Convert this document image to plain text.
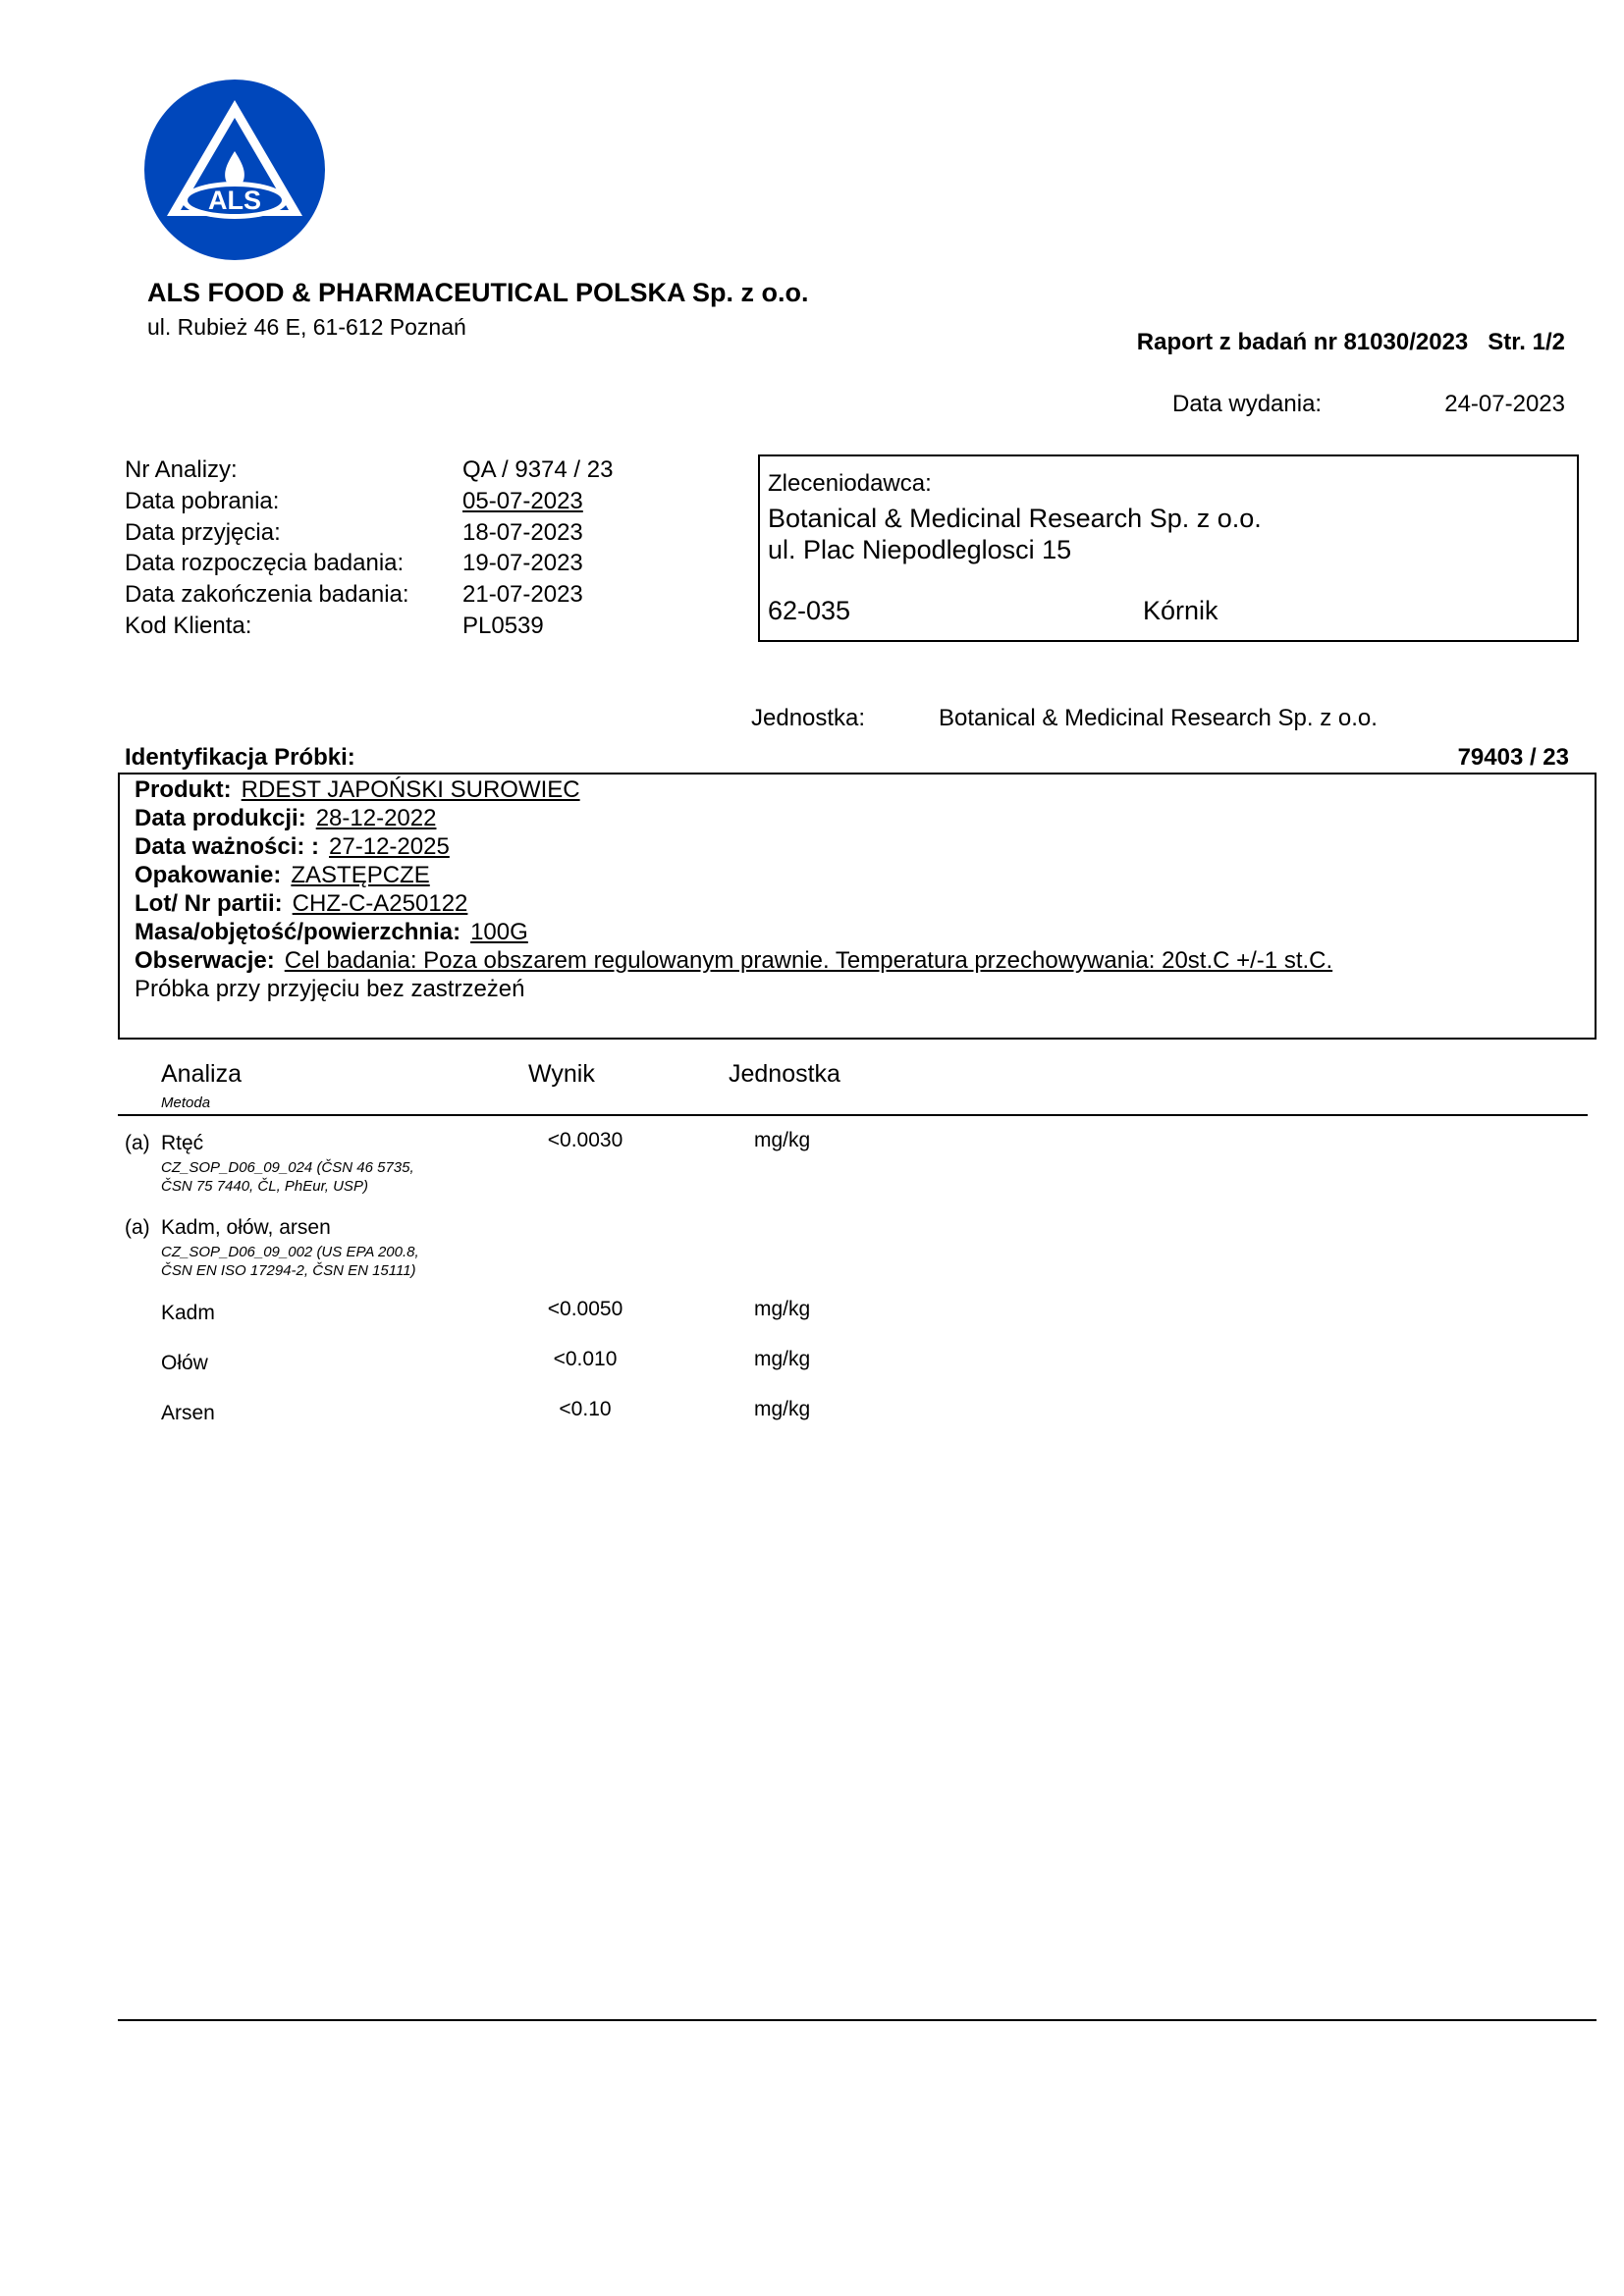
ALS
ALS FOOD & PHARMACEUTICAL POLSKA Sp. z o.o.
ul. Rubież 46 E, 61-612 Poznań
Raport z badań nr 81030/2023 Str. 1/2
Data wydania:	24-07-2023
Nr Analizy:	QA / 9374 / 23
Data pobrania:	05-07-2023
Data przyjęcia:	18-07-2023
Data rozpoczęcia badania:	19-07-2023
Data zakończenia badania:	21-07-2023
Kod Klienta:	PL0539
Zleceniodawca:
Botanical & Medicinal Research Sp. z o.o.
ul. Plac Niepodleglosci 15
62-035	Kórnik
Jednostka:	Botanical & Medicinal Research Sp. z o.o.
Identyfikacja Próbki:	79403 / 23
Produkt: RDEST JAPOŃSKI SUROWIEC
Data produkcji: 28-12-2022
Data ważności: : 27-12-2025
Opakowanie: ZASTĘPCZE
Lot/ Nr partii: CHZ-C-A250122
Masa/objętość/powierzchnia: 100G
Obserwacje: Cel badania: Poza obszarem regulowanym prawnie. Temperatura przechowywania: 20st.C +/-1 st.C.
Próbka przy przyjęciu bez zastrzeżeń
Analiza
Metoda
Wynik	Jednostka
(a) Rtęć
CZ_SOP_D06_09_024 (ČSN 46 5735,
ČSN 75 7440, ČL, PhEur, USP)
<0.0030	mg/kg
(a) Kadm, ołów, arsen
CZ_SOP_D06_09_002 (US EPA 200.8,
ČSN EN ISO 17294-2, ČSN EN 15111)
Kadm	<0.0050	mg/kg
Ołów	<0.010	mg/kg
Arsen	<0.10	mg/kg
